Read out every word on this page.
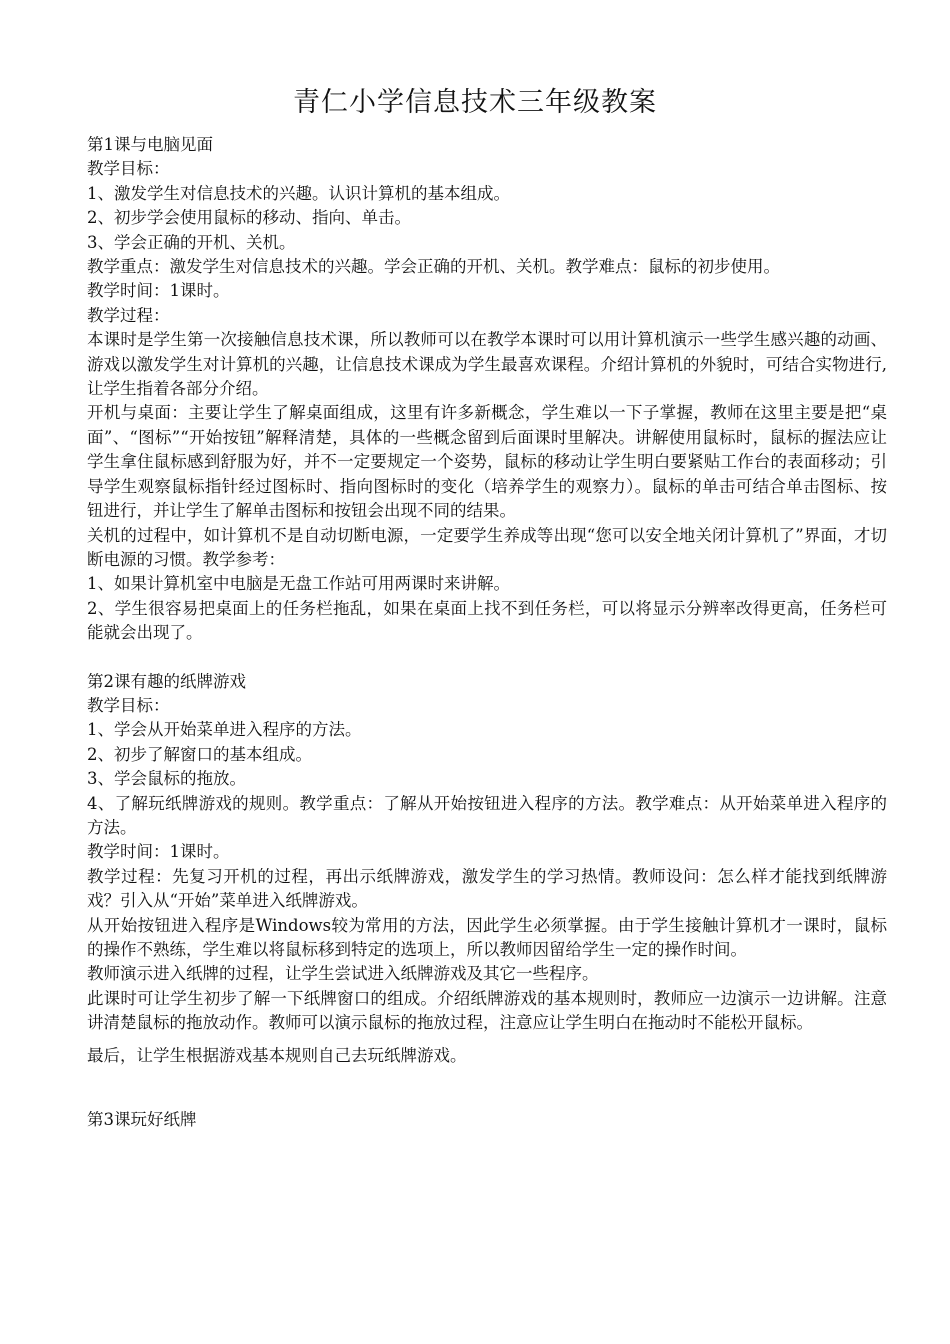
青仁小学信息技术三年级教案

第1课与电脑见面

教学目标：

1、激发学生对信息技术的兴趣。认识计算机的基本组成。

2、初步学会使用鼠标的移动、指向、单击。

3、学会正确的开机、关机。

教学重点：激发学生对信息技术的兴趣。学会正确的开机、关机。教学难点：鼠标的初步使用。

教学时间：1课时。

教学过程：

本课时是学生第一次接触信息技术课，所以教师可以在教学本课时可以用计算机演示一些学生感兴趣的动画、游戏以激发学生对计算机的兴趣，让信息技术课成为学生最喜欢课程。介绍计算机的外貌时，可结合实物进行,让学生指着各部分介绍。

开机与桌面：主要让学生了解桌面组成，这里有许多新概念，学生难以一下子掌握，教师在这里主要是把“桌面”、“图标”“开始按钮”解释清楚，具体的一些概念留到后面课时里解决。讲解使用鼠标时，鼠标的握法应让学生拿住鼠标感到舒服为好，并不一定要规定一个姿势，鼠标的移动让学生明白要紧贴工作台的表面移动；引导学生观察鼠标指针经过图标时、指向图标时的变化（培养学生的观察力）。鼠标的单击可结合单击图标、按钮进行，并让学生了解单击图标和按钮会出现不同的结果。

关机的过程中，如计算机不是自动切断电源，一定要学生养成等出现“您可以安全地关闭计算机了”界面，才切断电源的习惯。教学参考：

1、如果计算机室中电脑是无盘工作站可用两课时来讲解。

2、学生很容易把桌面上的任务栏拖乱，如果在桌面上找不到任务栏，可以将显示分辨率改得更高，任务栏可能就会出现了。

第2课有趣的纸牌游戏

教学目标：

1、学会从开始菜单进入程序的方法。

2、初步了解窗口的基本组成。

3、学会鼠标的拖放。

4、了解玩纸牌游戏的规则。教学重点：了解从开始按钮进入程序的方法。教学难点：从开始菜单进入程序的方法。

教学时间：1课时。

教学过程：先复习开机的过程，再出示纸牌游戏，激发学生的学习热情。教师设问：怎么样才能找到纸牌游戏？引入从“开始”菜单进入纸牌游戏。

从开始按钮进入程序是Windows较为常用的方法，因此学生必须掌握。由于学生接触计算机才一课时，鼠标的操作不熟练，学生难以将鼠标移到特定的选项上，所以教师因留给学生一定的操作时间。

教师演示进入纸牌的过程，让学生尝试进入纸牌游戏及其它一些程序。

此课时可让学生初步了解一下纸牌窗口的组成。介绍纸牌游戏的基本规则时，教师应一边演示一边讲解。注意讲清楚鼠标的拖放动作。教师可以演示鼠标的拖放过程，注意应让学生明白在拖动时不能松开鼠标。

最后，让学生根据游戏基本规则自己去玩纸牌游戏。

第3课玩好纸牌
